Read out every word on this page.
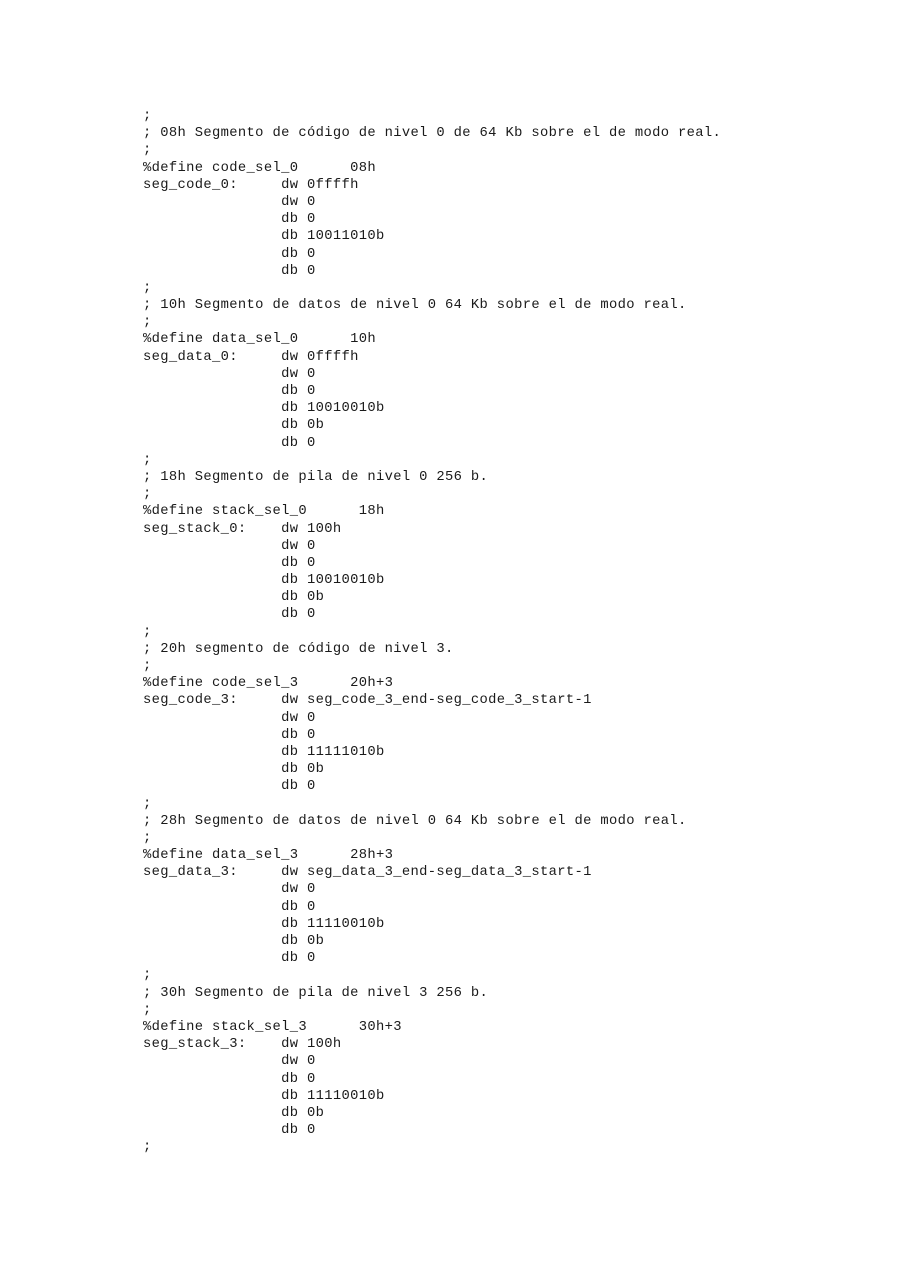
;
; 08h Segmento de código de nivel 0 de 64 Kb sobre el de modo real.
;
%define code_sel_0      08h
seg_code_0:     dw 0ffffh
dw 0
db 0
db 10011010b
db 0
db 0
;
; 10h Segmento de datos de nivel 0 64 Kb sobre el de modo real.
;
%define data_sel_0      10h
seg_data_0:     dw 0ffffh
dw 0
db 0
db 10010010b
db 0b
db 0
;
; 18h Segmento de pila de nivel 0 256 b.
;
%define stack_sel_0      18h
seg_stack_0:    dw 100h
dw 0
db 0
db 10010010b
db 0b
db 0
;
; 20h segmento de código de nivel 3.
;
%define code_sel_3      20h+3
seg_code_3:     dw seg_code_3_end-seg_code_3_start-1
dw 0
db 0
db 11111010b
db 0b
db 0
;
; 28h Segmento de datos de nivel 0 64 Kb sobre el de modo real.
;
%define data_sel_3      28h+3
seg_data_3:     dw seg_data_3_end-seg_data_3_start-1
dw 0
db 0
db 11110010b
db 0b
db 0
;
; 30h Segmento de pila de nivel 3 256 b.
;
%define stack_sel_3      30h+3
seg_stack_3:    dw 100h
dw 0
db 0
db 11110010b
db 0b
db 0
;
